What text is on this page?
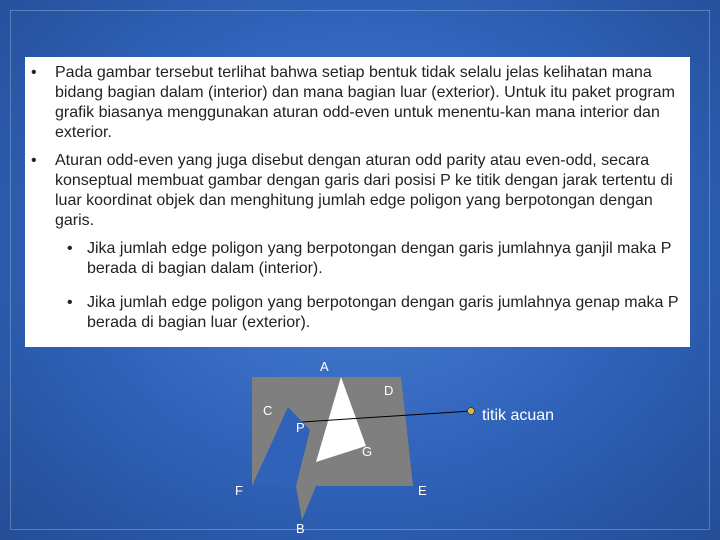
• Pada gambar tersebut terlihat bahwa setiap bentuk tidak selalu jelas kelihatan mana bidang bagian dalam (interior) dan mana bagian luar (exterior). Untuk itu paket program grafik biasanya menggunakan aturan odd-even untuk menentu-kan mana interior dan exterior.
• Aturan odd-even yang juga disebut dengan aturan odd parity atau even-odd, secara konseptual membuat gambar dengan garis dari posisi P ke titik dengan jarak tertentu di luar koordinat objek dan menghitung jumlah edge poligon yang berpotongan dengan garis.
• Jika jumlah edge poligon yang berpotongan dengan garis jumlahnya ganjil maka P berada di bagian dalam (interior).
• Jika jumlah edge poligon yang berpotongan dengan garis jumlahnya genap maka P berada di bagian luar (exterior).
A
D
C
P
G
F	E
B
titik acuan
